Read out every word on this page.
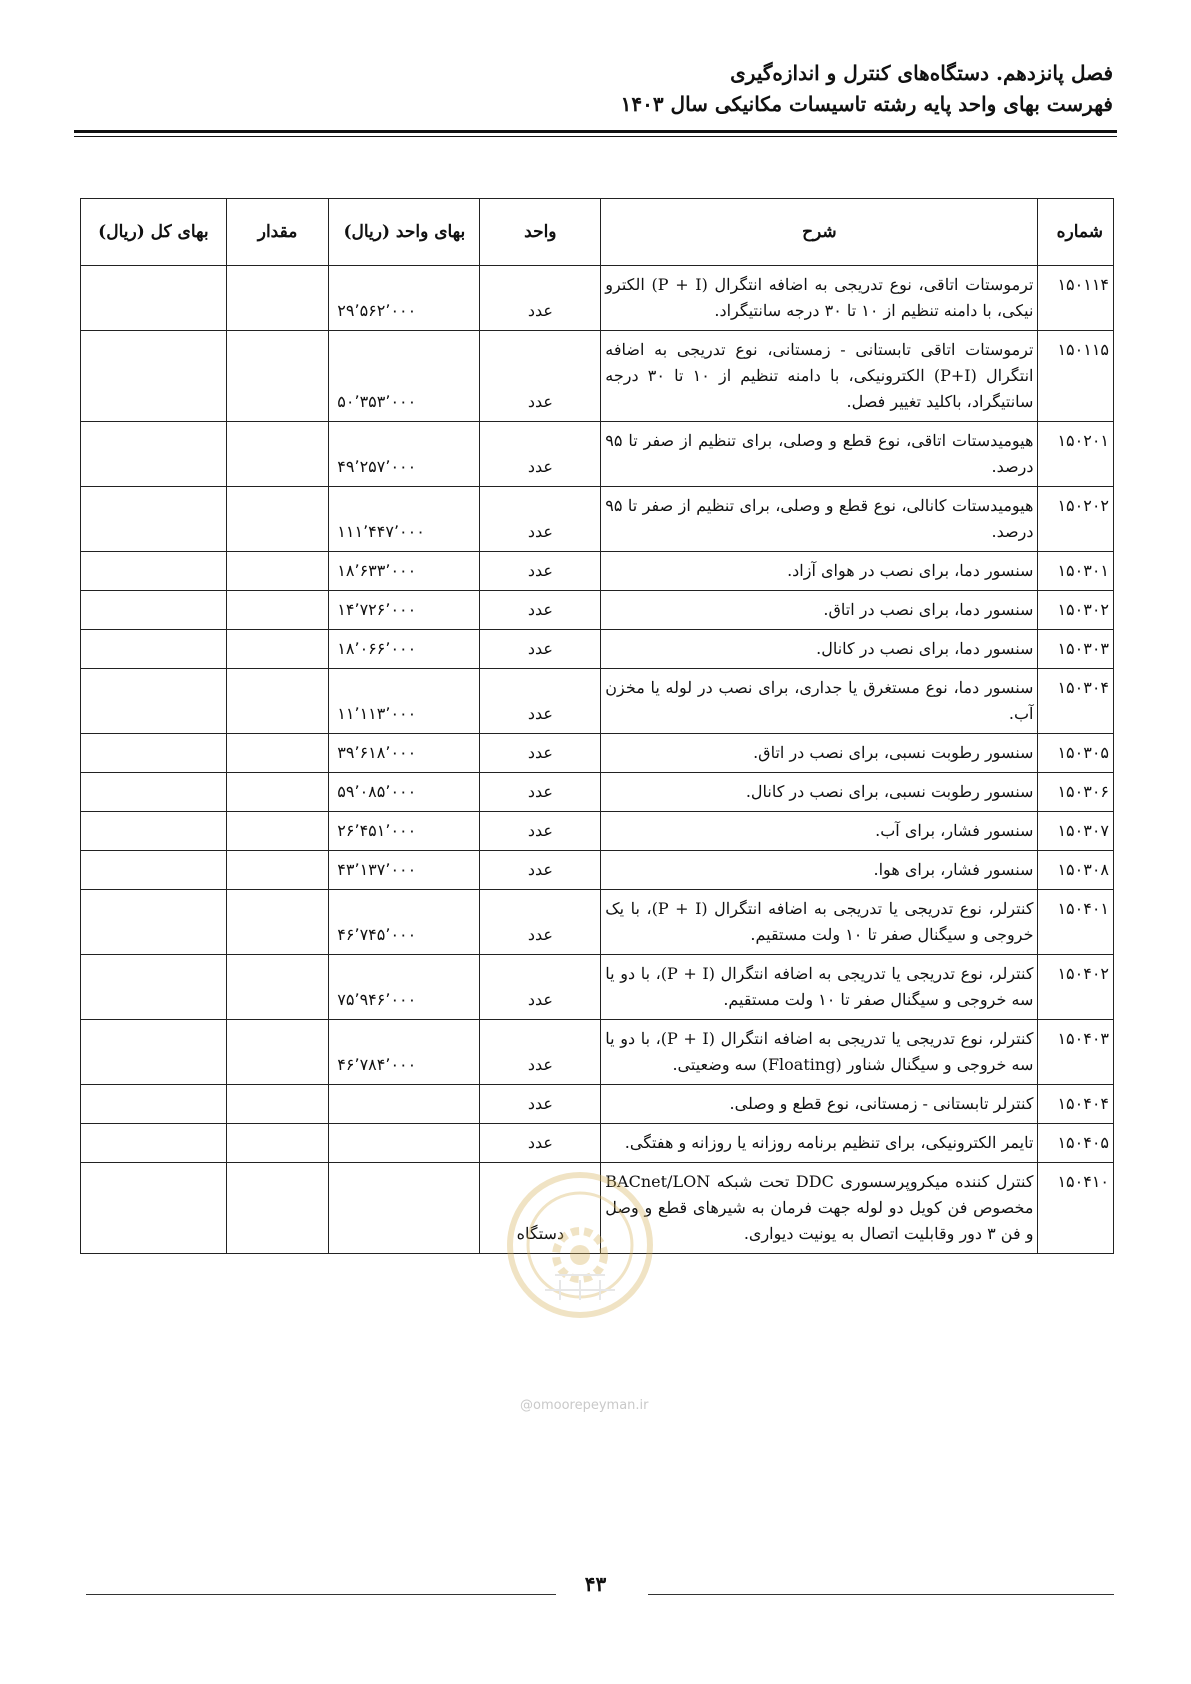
فصل پانزدهم. دستگاه‌های کنترل و اندازه‌گیری
فهرست بهای واحد پایه رشته تاسیسات مکانیکی سال ۱۴۰۳
شماره	شرح	واحد	بهای واحد (ریال)	مقدار	بهای کل (ریال)
۱۵۰۱۱۴	ترموستات اتاقی، نوع تدریجی به اضافه انتگرال (P + I) الکترو نیکی، با دامنه تنظیم از ۱۰ تا ۳۰ درجه سانتیگراد.	عدد	۲۹٬۵۶۲٬۰۰۰		
۱۵۰۱۱۵	ترموستات اتاقی تابستانی - زمستانی، نوع تدریجی به اضافه انتگرال (P+I) الکترونیکی، با دامنه تنظیم از ۱۰ تا ۳۰ درجه سانتیگراد، باکلید تغییر فصل.	عدد	۵۰٬۳۵۳٬۰۰۰		
۱۵۰۲۰۱	هیومیدستات اتاقی، نوع قطع و وصلی، برای تنظیم از صفر تا ۹۵ درصد.	عدد	۴۹٬۲۵۷٬۰۰۰		
۱۵۰۲۰۲	هیومیدستات کانالی، نوع قطع و وصلی، برای تنظیم از صفر تا ۹۵ درصد.	عدد	۱۱۱٬۴۴۷٬۰۰۰		
۱۵۰۳۰۱	سنسور دما، برای نصب در هوای آزاد.	عدد	۱۸٬۶۳۳٬۰۰۰		
۱۵۰۳۰۲	سنسور دما، برای نصب در اتاق.	عدد	۱۴٬۷۲۶٬۰۰۰		
۱۵۰۳۰۳	سنسور دما، برای نصب در کانال.	عدد	۱۸٬۰۶۶٬۰۰۰		
۱۵۰۳۰۴	سنسور دما، نوع مستغرق یا جداری، برای نصب در لوله یا مخزن آب.	عدد	۱۱٬۱۱۳٬۰۰۰		
۱۵۰۳۰۵	سنسور رطوبت نسبی، برای نصب در اتاق.	عدد	۳۹٬۶۱۸٬۰۰۰		
۱۵۰۳۰۶	سنسور رطوبت نسبی، برای نصب در کانال.	عدد	۵۹٬۰۸۵٬۰۰۰		
۱۵۰۳۰۷	سنسور فشار، برای آب.	عدد	۲۶٬۴۵۱٬۰۰۰		
۱۵۰۳۰۸	سنسور فشار، برای هوا.	عدد	۴۳٬۱۳۷٬۰۰۰		
۱۵۰۴۰۱	کنترلر، نوع تدریجی یا تدریجی به اضافه انتگرال (P + I)، با یک خروجی و سیگنال صفر تا ۱۰ ولت مستقیم.	عدد	۴۶٬۷۴۵٬۰۰۰		
۱۵۰۴۰۲	کنترلر، نوع تدریجی یا تدریجی به اضافه انتگرال (P + I)، با دو یا سه خروجی و سیگنال صفر تا ۱۰ ولت مستقیم.	عدد	۷۵٬۹۴۶٬۰۰۰		
۱۵۰۴۰۳	کنترلر، نوع تدریجی یا تدریجی به اضافه انتگرال (P + I)، با دو یا سه خروجی و سیگنال شناور (Floating) سه وضعیتی.	عدد	۴۶٬۷۸۴٬۰۰۰		
۱۵۰۴۰۴	کنترلر تابستانی - زمستانی، نوع قطع و وصلی.	عدد			
۱۵۰۴۰۵	تایمر الکترونیکی، برای تنظیم برنامه روزانه یا روزانه و هفتگی.	عدد			
۱۵۰۴۱۰	کنترل کننده میکروپرسسوری DDC تحت شبکه BACnet/LON مخصوص فن کویل دو لوله جهت فرمان به شیرهای قطع و وصل و فن ۳ دور وقابلیت اتصال به یونیت دیواری.	دستگاه			
@omoorepeyman.ir
۴۳
